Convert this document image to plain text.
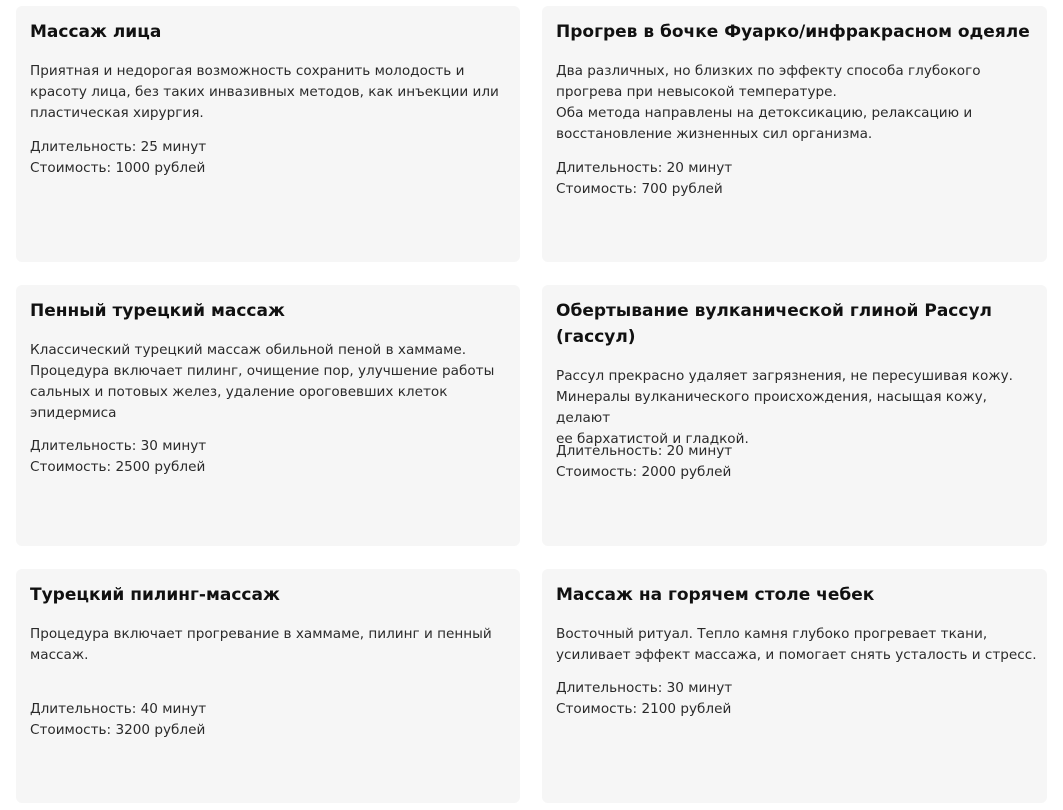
Массаж лица

Приятная и недорогая возможность сохранить молодость и
красоту лица, без таких инвазивных методов, как инъекции или
пластическая хирургия.

Длительность: 25 минут
Стоимость: 1000 рублей
Прогрев в бочке Фуарко/инфракрасном одеяле

Два различных, но близких по эффекту способа глубокого
прогрева при невысокой температуре.
Оба метода направлены на детоксикацию, релаксацию и
восстановление жизненных сил организма.

Длительность: 20 минут
Стоимость: 700 рублей
Пенный турецкий массаж

Классический турецкий массаж обильной пеной в хаммаме.
Процедура включает пилинг, очищение пор, улучшение работы
сальных и потовых желез, удаление ороговевших клеток
эпидермиса

Длительность: 30 минут
Стоимость: 2500 рублей
Обертывание вулканической глиной Рассул
(гассул)

Рассул прекрасно удаляет загрязнения, не пересушивая кожу.
Минералы вулканического происхождения, насыщая кожу, делают
ее бархатистой и гладкой.

Длительность: 20 минут
Стоимость: 2000 рублей
Турецкий пилинг-массаж

Процедура включает прогревание в хаммаме, пилинг и пенный
массаж.

Длительность: 40 минут
Стоимость: 3200 рублей
Массаж на горячем столе чебек

Восточный ритуал. Тепло камня глубоко прогревает ткани,
усиливает эффект массажа, и помогает снять усталость и стресс.

Длительность: 30 минут
Стоимость: 2100 рублей
